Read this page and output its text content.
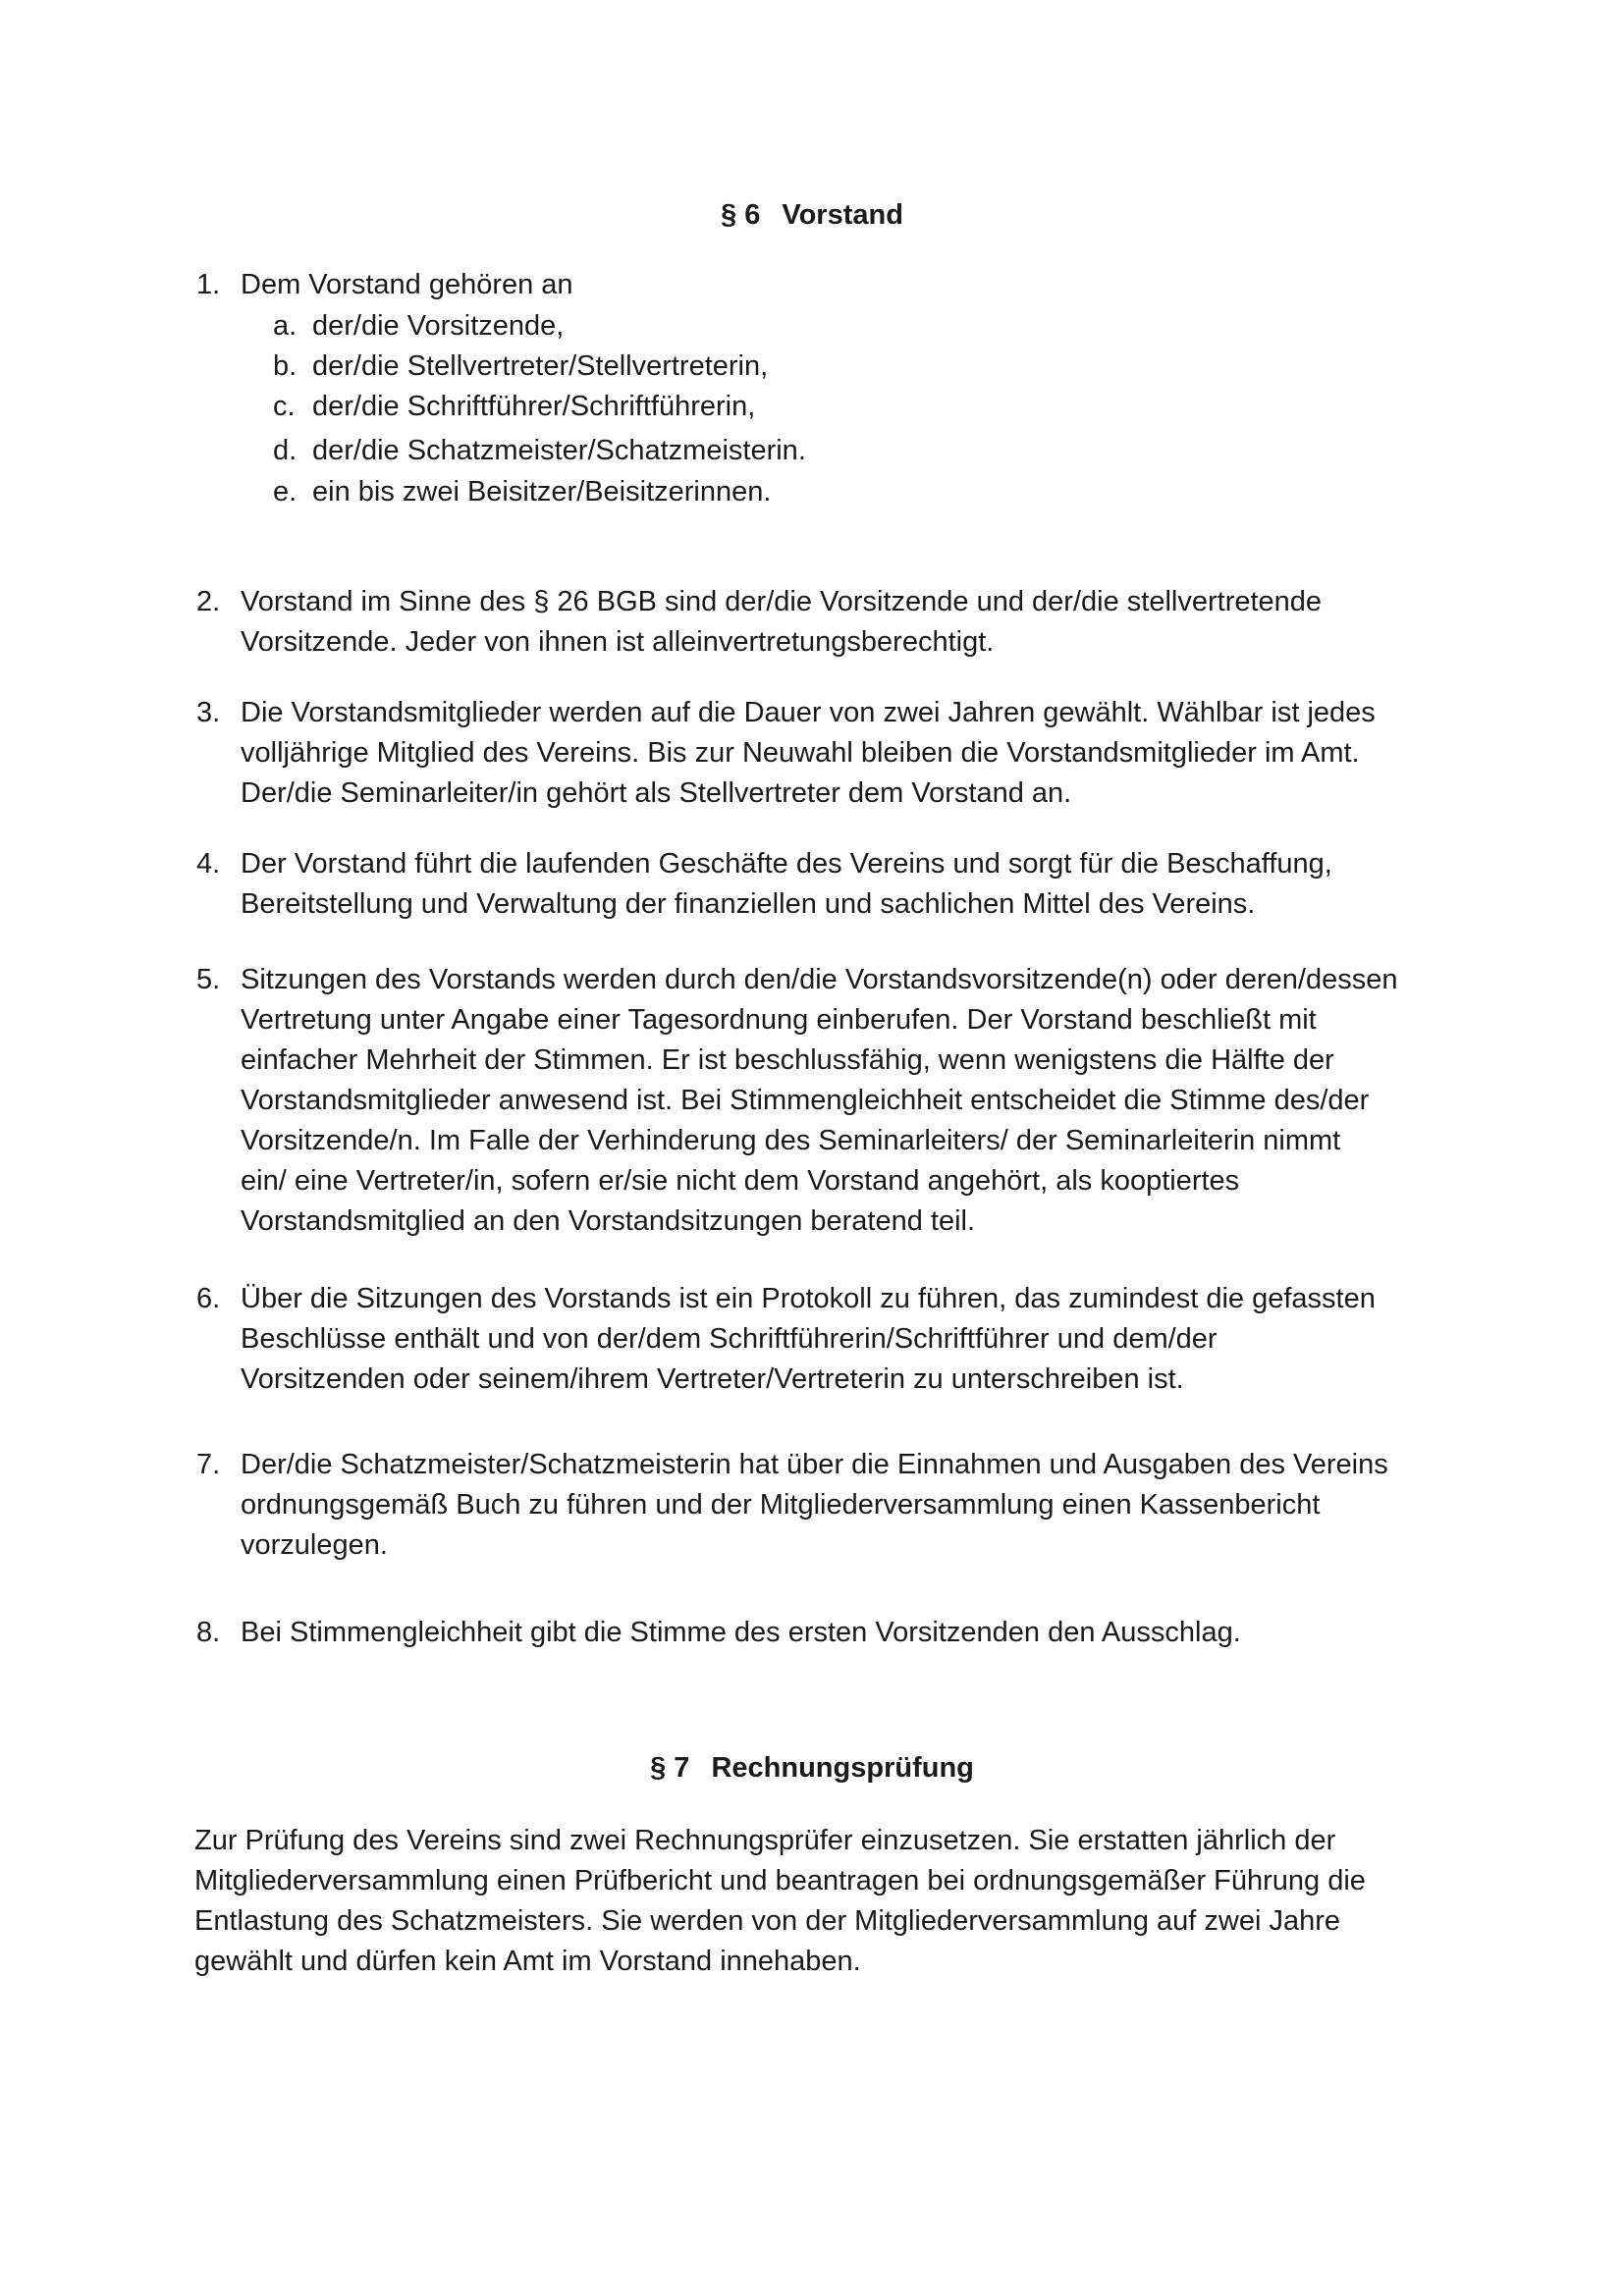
§ 6 Vorstand
1. Dem Vorstand gehören an
a. der/die Vorsitzende,
b. der/die Stellvertreter/Stellvertreterin,
c. der/die Schriftführer/Schriftführerin,
d. der/die Schatzmeister/Schatzmeisterin.
e. ein bis zwei Beisitzer/Beisitzerinnen.
2. Vorstand im Sinne des § 26 BGB sind der/die Vorsitzende und der/die stellvertretende
Vorsitzende. Jeder von ihnen ist alleinvertretungsberechtigt.
3. Die Vorstandsmitglieder werden auf die Dauer von zwei Jahren gewählt. Wählbar ist jedes
volljährige Mitglied des Vereins. Bis zur Neuwahl bleiben die Vorstandsmitglieder im Amt.
Der/die Seminarleiter/in gehört als Stellvertreter dem Vorstand an.
4. Der Vorstand führt die laufenden Geschäfte des Vereins und sorgt für die Beschaffung,
Bereitstellung und Verwaltung der finanziellen und sachlichen Mittel des Vereins.
5. Sitzungen des Vorstands werden durch den/die Vorstandsvorsitzende(n) oder deren/dessen
Vertretung unter Angabe einer Tagesordnung einberufen. Der Vorstand beschließt mit
einfacher Mehrheit der Stimmen. Er ist beschlussfähig, wenn wenigstens die Hälfte der
Vorstandsmitglieder anwesend ist. Bei Stimmengleichheit entscheidet die Stimme des/der
Vorsitzende/n. Im Falle der Verhinderung des Seminarleiters/ der Seminarleiterin nimmt
ein/ eine Vertreter/in, sofern er/sie nicht dem Vorstand angehört, als kooptiertes
Vorstandsmitglied an den Vorstandsitzungen beratend teil.
6. Über die Sitzungen des Vorstands ist ein Protokoll zu führen, das zumindest die gefassten
Beschlüsse enthält und von der/dem Schriftführerin/Schriftführer und dem/der
Vorsitzenden oder seinem/ihrem Vertreter/Vertreterin zu unterschreiben ist.
7. Der/die Schatzmeister/Schatzmeisterin hat über die Einnahmen und Ausgaben des Vereins
ordnungsgemäß Buch zu führen und der Mitgliederversammlung einen Kassenbericht
vorzulegen.
8. Bei Stimmengleichheit gibt die Stimme des ersten Vorsitzenden den Ausschlag.
§ 7 Rechnungsprüfung
Zur Prüfung des Vereins sind zwei Rechnungsprüfer einzusetzen. Sie erstatten jährlich der
Mitgliederversammlung einen Prüfbericht und beantragen bei ordnungsgemäßer Führung die
Entlastung des Schatzmeisters. Sie werden von der Mitgliederversammlung auf zwei Jahre
gewählt und dürfen kein Amt im Vorstand innehaben.
